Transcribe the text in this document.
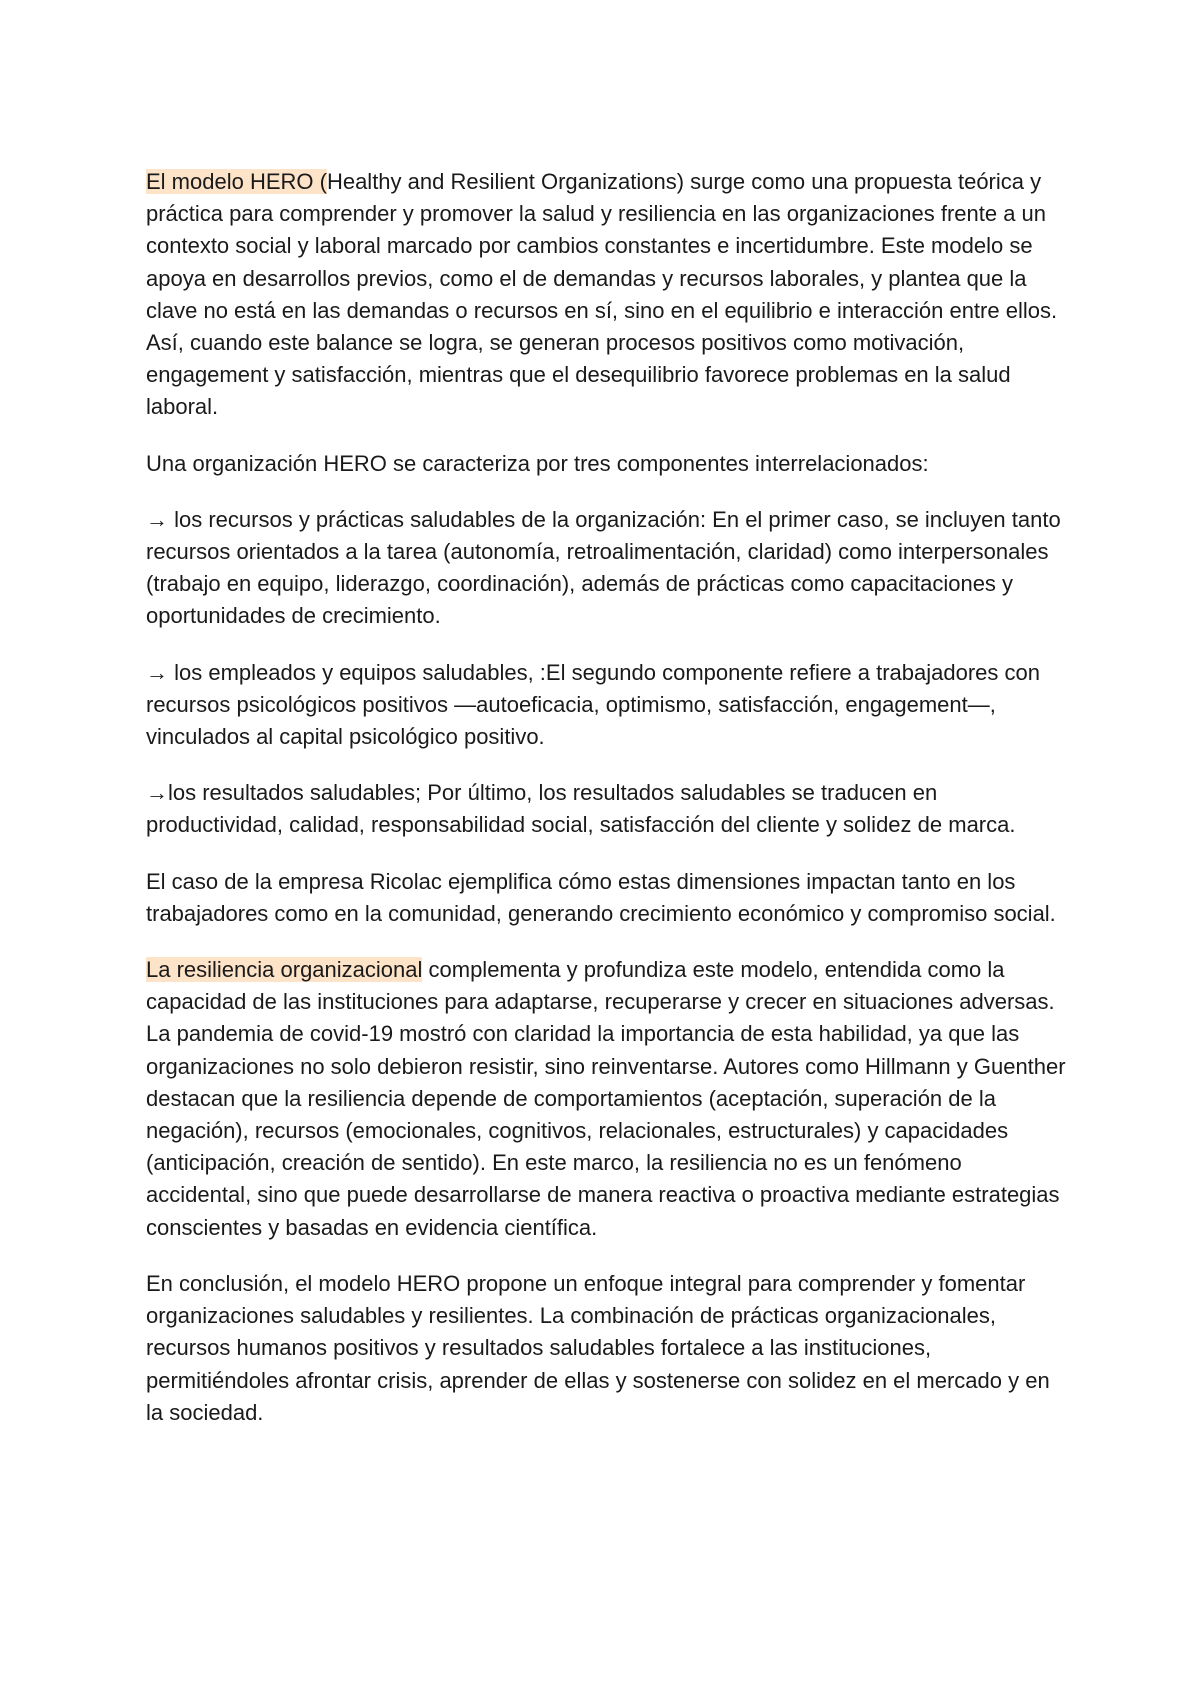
El modelo HERO (Healthy and Resilient Organizations) surge como una propuesta teórica y práctica para comprender y promover la salud y resiliencia en las organizaciones frente a un contexto social y laboral marcado por cambios constantes e incertidumbre. Este modelo se apoya en desarrollos previos, como el de demandas y recursos laborales, y plantea que la clave no está en las demandas o recursos en sí, sino en el equilibrio e interacción entre ellos. Así, cuando este balance se logra, se generan procesos positivos como motivación, engagement y satisfacción, mientras que el desequilibrio favorece problemas en la salud laboral.

Una organización HERO se caracteriza por tres componentes interrelacionados:

→ los recursos y prácticas saludables de la organización: En el primer caso, se incluyen tanto recursos orientados a la tarea (autonomía, retroalimentación, claridad) como interpersonales (trabajo en equipo, liderazgo, coordinación), además de prácticas como capacitaciones y oportunidades de crecimiento.

→ los empleados y equipos saludables, :El segundo componente refiere a trabajadores con recursos psicológicos positivos —autoeficacia, optimismo, satisfacción, engagement—, vinculados al capital psicológico positivo.

→los resultados saludables; Por último, los resultados saludables se traducen en productividad, calidad, responsabilidad social, satisfacción del cliente y solidez de marca.

El caso de la empresa Ricolac ejemplifica cómo estas dimensiones impactan tanto en los trabajadores como en la comunidad, generando crecimiento económico y compromiso social.

La resiliencia organizacional complementa y profundiza este modelo, entendida como la capacidad de las instituciones para adaptarse, recuperarse y crecer en situaciones adversas. La pandemia de covid-19 mostró con claridad la importancia de esta habilidad, ya que las organizaciones no solo debieron resistir, sino reinventarse. Autores como Hillmann y Guenther destacan que la resiliencia depende de comportamientos (aceptación, superación de la negación), recursos (emocionales, cognitivos, relacionales, estructurales) y capacidades (anticipación, creación de sentido). En este marco, la resiliencia no es un fenómeno accidental, sino que puede desarrollarse de manera reactiva o proactiva mediante estrategias conscientes y basadas en evidencia científica.

En conclusión, el modelo HERO propone un enfoque integral para comprender y fomentar organizaciones saludables y resilientes. La combinación de prácticas organizacionales, recursos humanos positivos y resultados saludables fortalece a las instituciones, permitiéndoles afrontar crisis, aprender de ellas y sostenerse con solidez en el mercado y en la sociedad.
